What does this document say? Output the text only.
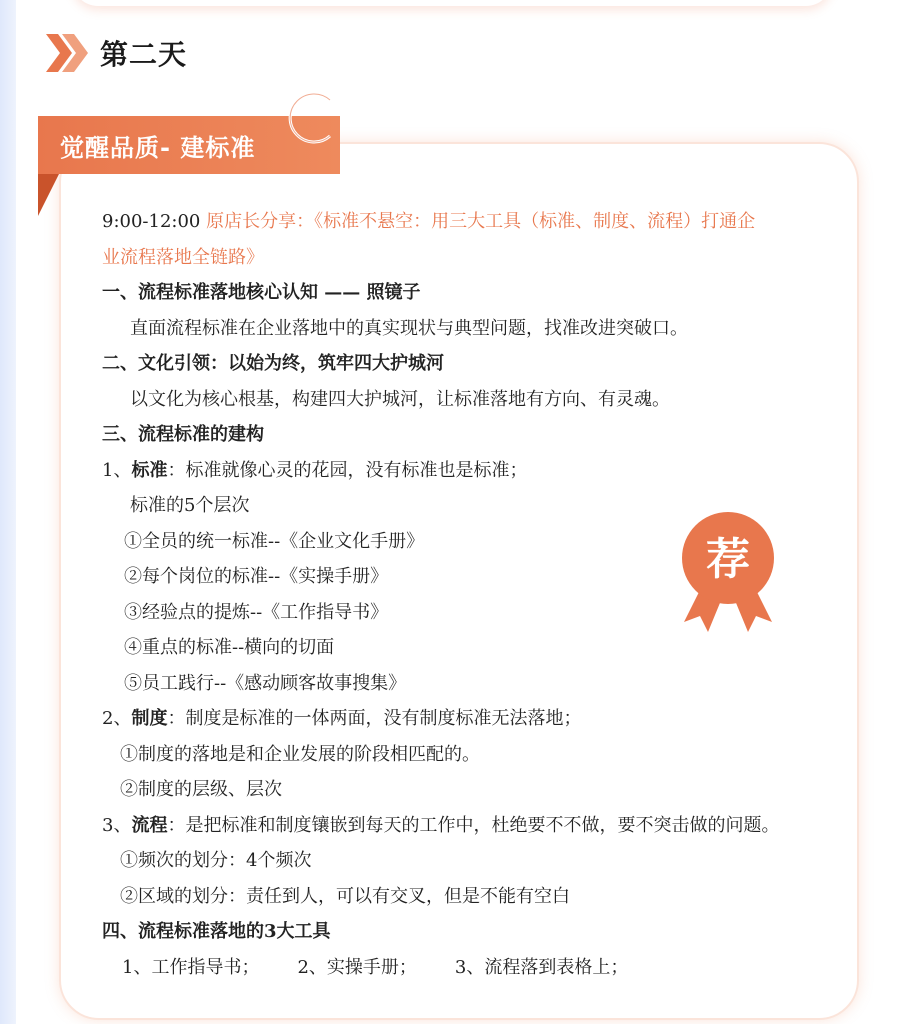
第二天
觉醒品质- 建标准
9:00-12:00 原店长分享：《标准不悬空：用三大工具（标准、制度、流程）打通企
业流程落地全链路》
一、流程标准落地核心认知 —— 照镜子
直面流程标准在企业落地中的真实现状与典型问题，找准改进突破口。
二、文化引领：以始为终，筑牢四大护城河
以文化为核心根基，构建四大护城河，让标准落地有方向、有灵魂。
三、流程标准的建构
1、标准：标准就像心灵的花园，没有标准也是标准；
标准的5个层次
①全员的统一标准--《企业文化手册》
②每个岗位的标准--《实操手册》
③经验点的提炼--《工作指导书》
④重点的标准--横向的切面
⑤员工践行--《感动顾客故事搜集》
2、制度：制度是标准的一体两面，没有制度标准无法落地；
①制度的落地是和企业发展的阶段相匹配的。
②制度的层级、层次
3、流程：是把标准和制度镶嵌到每天的工作中，杜绝要不不做，要不突击做的问题。
①频次的划分：4个频次
②区域的划分：责任到人，可以有交叉，但是不能有空白
四、流程标准落地的3大工具
1、工作指导书； 2、实操手册； 3、流程落到表格上；
荐
